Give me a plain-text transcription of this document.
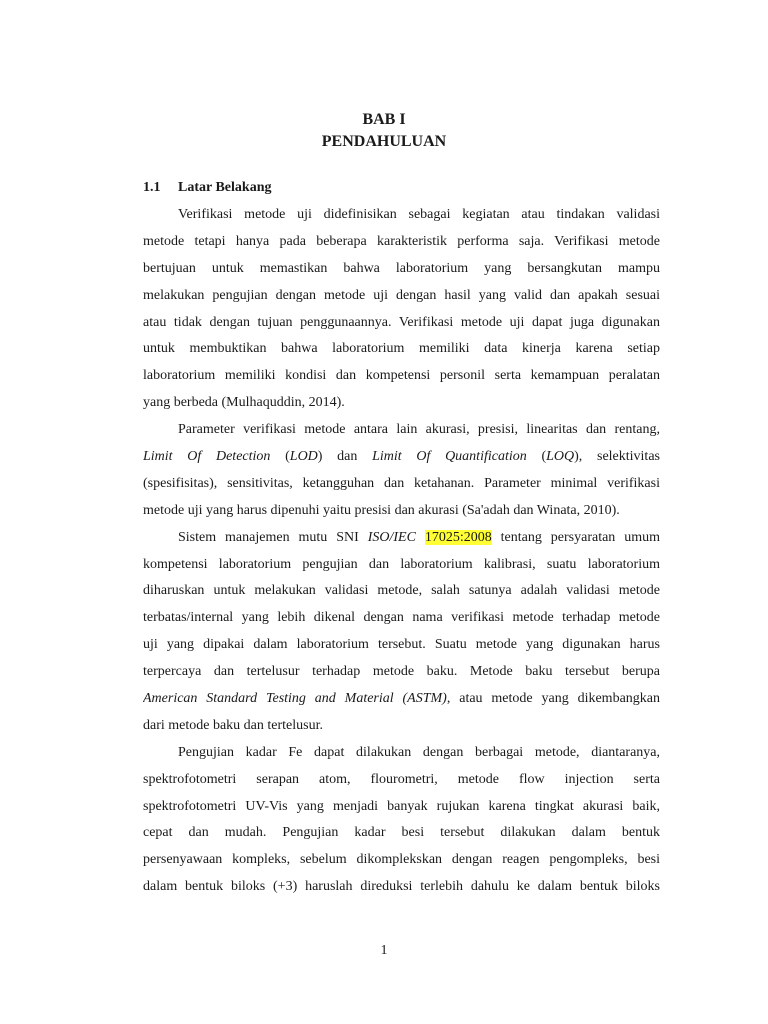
BAB I
PENDAHULUAN
1.1 Latar Belakang
Verifikasi metode uji didefinisikan sebagai kegiatan atau tindakan validasi
metode tetapi hanya pada beberapa karakteristik performa saja. Verifikasi metode
bertujuan untuk memastikan bahwa laboratorium yang bersangkutan mampu
melakukan pengujian dengan metode uji dengan hasil yang valid dan apakah sesuai
atau tidak dengan tujuan penggunaannya. Verifikasi metode uji dapat juga digunakan
untuk membuktikan bahwa laboratorium memiliki data kinerja karena setiap
laboratorium memiliki kondisi dan kompetensi personil serta kemampuan peralatan
yang berbeda (Mulhaquddin, 2014).
Parameter verifikasi metode antara lain akurasi, presisi, linearitas dan rentang,
Limit Of Detection (LOD) dan Limit Of Quantification (LOQ), selektivitas
(spesifisitas), sensitivitas, ketangguhan dan ketahanan. Parameter minimal verifikasi
metode uji yang harus dipenuhi yaitu presisi dan akurasi (Sa'adah dan Winata, 2010).
Sistem manajemen mutu SNI ISO/IEC 17025:2008 tentang persyaratan umum
kompetensi laboratorium pengujian dan laboratorium kalibrasi, suatu laboratorium
diharuskan untuk melakukan validasi metode, salah satunya adalah validasi metode
terbatas/internal yang lebih dikenal dengan nama verifikasi metode terhadap metode
uji yang dipakai dalam laboratorium tersebut. Suatu metode yang digunakan harus
terpercaya dan tertelusur terhadap metode baku. Metode baku tersebut berupa
American Standard Testing and Material (ASTM), atau metode yang dikembangkan
dari metode baku dan tertelusur.
Pengujian kadar Fe dapat dilakukan dengan berbagai metode, diantaranya,
spektrofotometri serapan atom, flourometri, metode flow injection serta
spektrofotometri UV-Vis yang menjadi banyak rujukan karena tingkat akurasi baik,
cepat dan mudah. Pengujian kadar besi tersebut dilakukan dalam bentuk
persenyawaan kompleks, sebelum dikomplekskan dengan reagen pengompleks, besi
dalam bentuk biloks (+3) haruslah direduksi terlebih dahulu ke dalam bentuk biloks
1
